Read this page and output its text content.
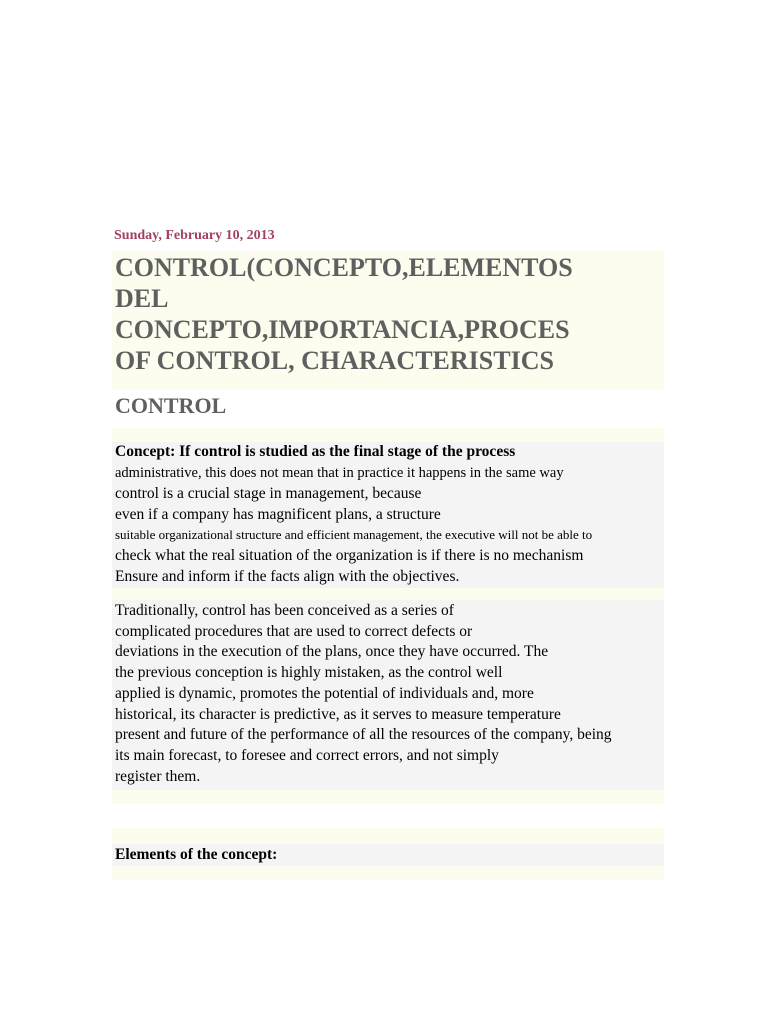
Sunday, February 10, 2013
CONTROL(CONCEPTO,ELEMENTOS
DEL
CONCEPTO,IMPORTANCIA,PROCES
OF CONTROL, CHARACTERISTICS
CONTROL
Concept: If control is studied as the final stage of the process
administrative, this does not mean that in practice it happens in the same way
control is a crucial stage in management, because
even if a company has magnificent plans, a structure
suitable organizational structure and efficient management, the executive will not be able to
check what the real situation of the organization is if there is no mechanism
Ensure and inform if the facts align with the objectives.
Traditionally, control has been conceived as a series of
complicated procedures that are used to correct defects or
deviations in the execution of the plans, once they have occurred. The
the previous conception is highly mistaken, as the control well
applied is dynamic, promotes the potential of individuals and, more
historical, its character is predictive, as it serves to measure temperature
present and future of the performance of all the resources of the company, being
its main forecast, to foresee and correct errors, and not simply
register them.
Elements of the concept:
